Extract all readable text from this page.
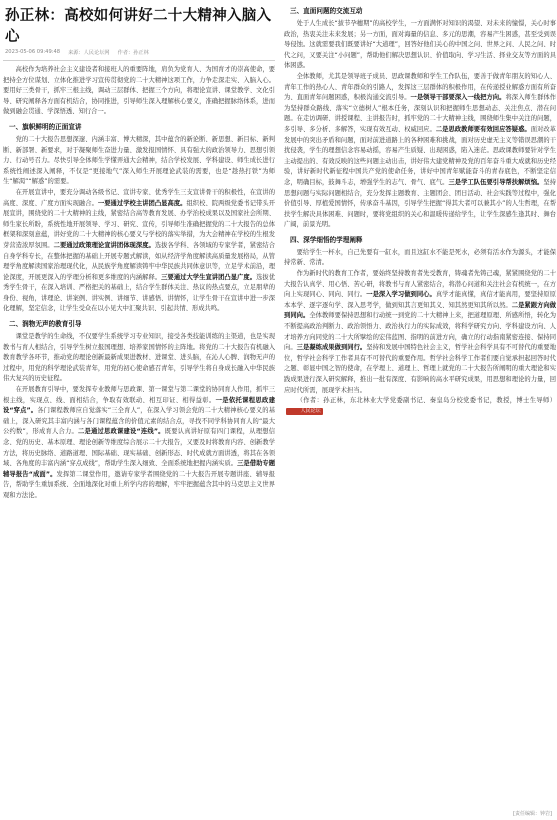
孙正林：高校如何讲好二十大精神入脑入心
2023-05-06 09:49:48 来源：人民论坛网 作者：孙正林

高校作为培养社会主义建设者和接班人的重要阵地，肩负为党育人、为国育才的崇高使命，要把持全方位谋划、立体化推进学习宣传贯彻党的二十大精神这项工作，力争走深走实、入脑入心。要用好三类骨干，抓牢三根主线，调动三层群体、把握三个方向，将理论宣讲、课堂教学、文化引导、研究阐释各方面有机结合，协同推进，引导师生深入理解核心要义，准确把握脉络体系，进而做到融会贯通、学深悟透、知行合一。

一、旗帜鲜明的正面宣讲

党的二十大报告思想深邃、内涵丰富、博大精深，其中蕴含的新论断、新思想、新目标、新判断、新部署、新要求，对于凝聚师生奋进力量、激发报国情怀、具有强大的政治领导力、思想引领力、行动号召力。尽快引导全体师生学懂弄通大会精神，结合学校发展、学科建设、师生成长进行系统性阐述深入阐释，不仅是“更接地气”深入师生开展理论武装的需要，也是“趁热打铁”为师生“解渴”“解惑”的需要。

在开展宣讲中，要充分调动各级书记、宣讲专家、优秀学生三支宣讲骨干的积极性，在宣讲的高度、深度、广度方面实现融合。一要通过学校主讲团凸显高度。组织校、院两级党委书记带头开展宣讲，围绕党的二十大精神的主线，紧密结合高等教育发展、办学治校成果以及国家社会所期、师生家长所盼，系统性地开展领导、学习、研究、宣传，引导师生准确把握党的二十大报告的总体框架和深刻意蕴，讲好党的二十大精神的核心要义与学校的落实举措，为大会精神在学校的生根发芽营造浓厚氛围。二要通过政策理论宣讲团体现深度。选拔各学科、各领域的专家学者，紧密结合自身学科专长，在整体把握的基础上开展专题式解读，如从经济学角度解读高质量发展格局，从管理学角度解读国家治理现代化，从民族学角度解读铸牢中华民族共同体意识等，立足学术前沿，理论深度，开展更深入的学理分析和更多维度的内涵解释。三要通过大学生宣讲团凸显广度。选拔优秀学生骨干，在深入培训、严格把关的基础上，结合学生群体关注、热议的热点要点，立足朋辈的身份、视角，讲理论、讲案例、讲实例、讲细节、讲感悟、讲情怀，让学生骨干在宣讲中进一步深化理解，坚定信念，让学生受众在以小见大中汇聚共识、引起共情、形成共鸣。

二、润物无声的教育引导

课堂是教学的生命线，不仅要学生系统学习专业知识，接受各类技能训练的主渠道，也是实现教书与育人相结合，引导学生树立报国理想、培养家国情怀的主阵地。将党的二十大报告有机融入教育教学各环节，推动党的理论创新最新成果进教材、进课堂、进头脑，在沁人心脾、润物无声的过程中，用党的科学理论武装青年，用党的初心使命感召青年，引导学生将自身成长融入中华民族伟大复兴的历史征程。

在开展教育引导中，要发挥专业教师与思政课、第一课堂与第二课堂的协同育人作用，抓牢三根主线，实现点、线、面相结合，争取有效联动、相互印证、相得益彰。一是依托课程思政建设“穿点”。各门课程教师应自觉落实“三全育人”，在深入学习领会党的二十大精神核心要义的基础上，深入研究其丰富内涵与各门课程蕴含的价值元素的结合点，寻找不同学科协同育人的“最大公约数”，形成育人合力。二是通过思政课建设“连线”。既要认真讲好原有四门课程，从理想信念、党的历史、基本原理、理论创新等维度综合展示二十大报告，又要及时将教育内容、创新教学方法，将历史脉络、道路道理、国际基础、现实基础、创新形态、时代成就方面讲透，将其在各领域、各角度的丰富内涵“穿点成线”，帮助学生深入细致、全面系统地把握内涵实质。三是借助专题辅导报告“成面”。发挥第二课堂作用，邀请专家学者围绕党的二十大报告开展专题讲座、辅导报告，帮助学生重加系统、全面地深化对重上所学内容的理解，牢牢把握蕴含其中的马克思主义世界观和方法论。

三、直面问题的交流互动

处于人生成长“拔节孕穗期”的高校学生，一方面满怀对知识的渴望、对未来的憧憬，关心时事政治，热衷关注未来发展；另一方面，面对海量的信息、多元的思潮，容易产生困惑，甚至受到误导侵蚀。这就需要我们既要讲好“大道理”，回答好他们关心的中国之问、世界之问、人民之问、时代之问，又要关注“小问题”，帮助他们解决思想认识、价值取向、学习生活、择业交友等方面的具体困惑。

全体教师，尤其是领导班子成员、思政课教师和学生工作队伍，要善于做青年朋友的知心人、青年工作的热心人、青年群众的引路人，发挥这三层群体的积极作用，在传递授业解惑方面有所奋为、直面青年问题困惑，积极沟通交流引导。一是领导干部要深入一线把方向。将深入师生群体作为坚持群众路线、落实“立德树人”根本任务，深刻认识和把握师生思想动态、关注焦点、潜在问题。在走访调研、讲授课程、主讲报告时，抓牢党的二十大精神主线，围绕师生集中关注的问题，多引导、多分析、多解答，实现有效互动、权威回应。二是思政教师要有效回应答疑惑。面对改革发展中的突出矛盾和问题，面对前进道路上的各种困难和挑战，面对历史虚无主义等错误思潮的干扰侵袭，学生的理想信念容易动摇，容易产生质疑、出现困惑，陷入迷茫。思政课教师要针对学生主动提出的、有效反映的这些问题主动出击，讲好伟大建党精神及党的百年奋斗重大成就和历史经验，讲好新时代新征程中国共产党的使命任务，讲好中国青年赋能奋斗的青春底色，不断坚定信念，明确目标，鼓舞斗志，增强学生的志气、骨气、底气。三是学工队伍要引导帮扶解烦恼。坚持思想问题与实际问题相结合，充分发挥主题教育、主题团会、团日活动、社会实践等过程中，强化价值引导、厚植爱国情怀，传承奋斗基因，引导学生把握“得其大者可以兼其小”的人生哲理，在帮扶学生解决具体困难、问题时，要将党组织的关心和温暖传递给学生，让学生深感生逢其时、舞台广阔，前景光明。

四、深学细悟的学理阐释

要给学生一杯水，自己先要有一缸水，而且这缸水不能是死水，必须有活水作为源头，才能保持常新、常清。

作为新时代的教育工作者，要始终坚持教育者先受教育，铸魂者先铸己魂，紧紧围绕党的二十大报告认真学、用心悟、苦心研，将教书与育人紧密结合，将潜心问道和关注社会有机统一，在方向上实现同心、同向、同行。一是深入学习做到同心。真学才能真懂，真信才能真用，要坚持原原本本学、逐字逐句学、深入思考学，做到知其言更知其义、知其然更知其所以然。二是紧跟方向做到同向。全体教师要保持思想和行动统一到党的二十大精神上来，把道理原理、所感所悟，转化为不断提高政治判断力、政治领悟力、政治执行力的实际成效，将科学研究方向、学科建设方向、人才培养方向同党的二十大所擘绘的宏伟蓝图、指明的前进方向，确立的行动指南紧密连接、保持同向。三是凝练成果做到同行。坚持和发展中国特色社会主义，哲学社会科学具有不可替代的重要地位，哲学社会科学工作者具有不可替代的重要作用。哲学社会科学工作者们要自觉承担起回答时代之题、彰显中国之智的使命，在学理上、道理上、哲理上就党的二十大报告所阐明的重大理论和实践成果进行深入研究解释，推出一批有深度、有影响的高水平研究成果，用思想和理论的力量，回应时代所需，展现学术担当。

（作者：孙正林，东北林业大学党委副书记、秦皇岛分校党委书记，教授，博士生导师）人民论坛

[责任编辑：钟岩]
